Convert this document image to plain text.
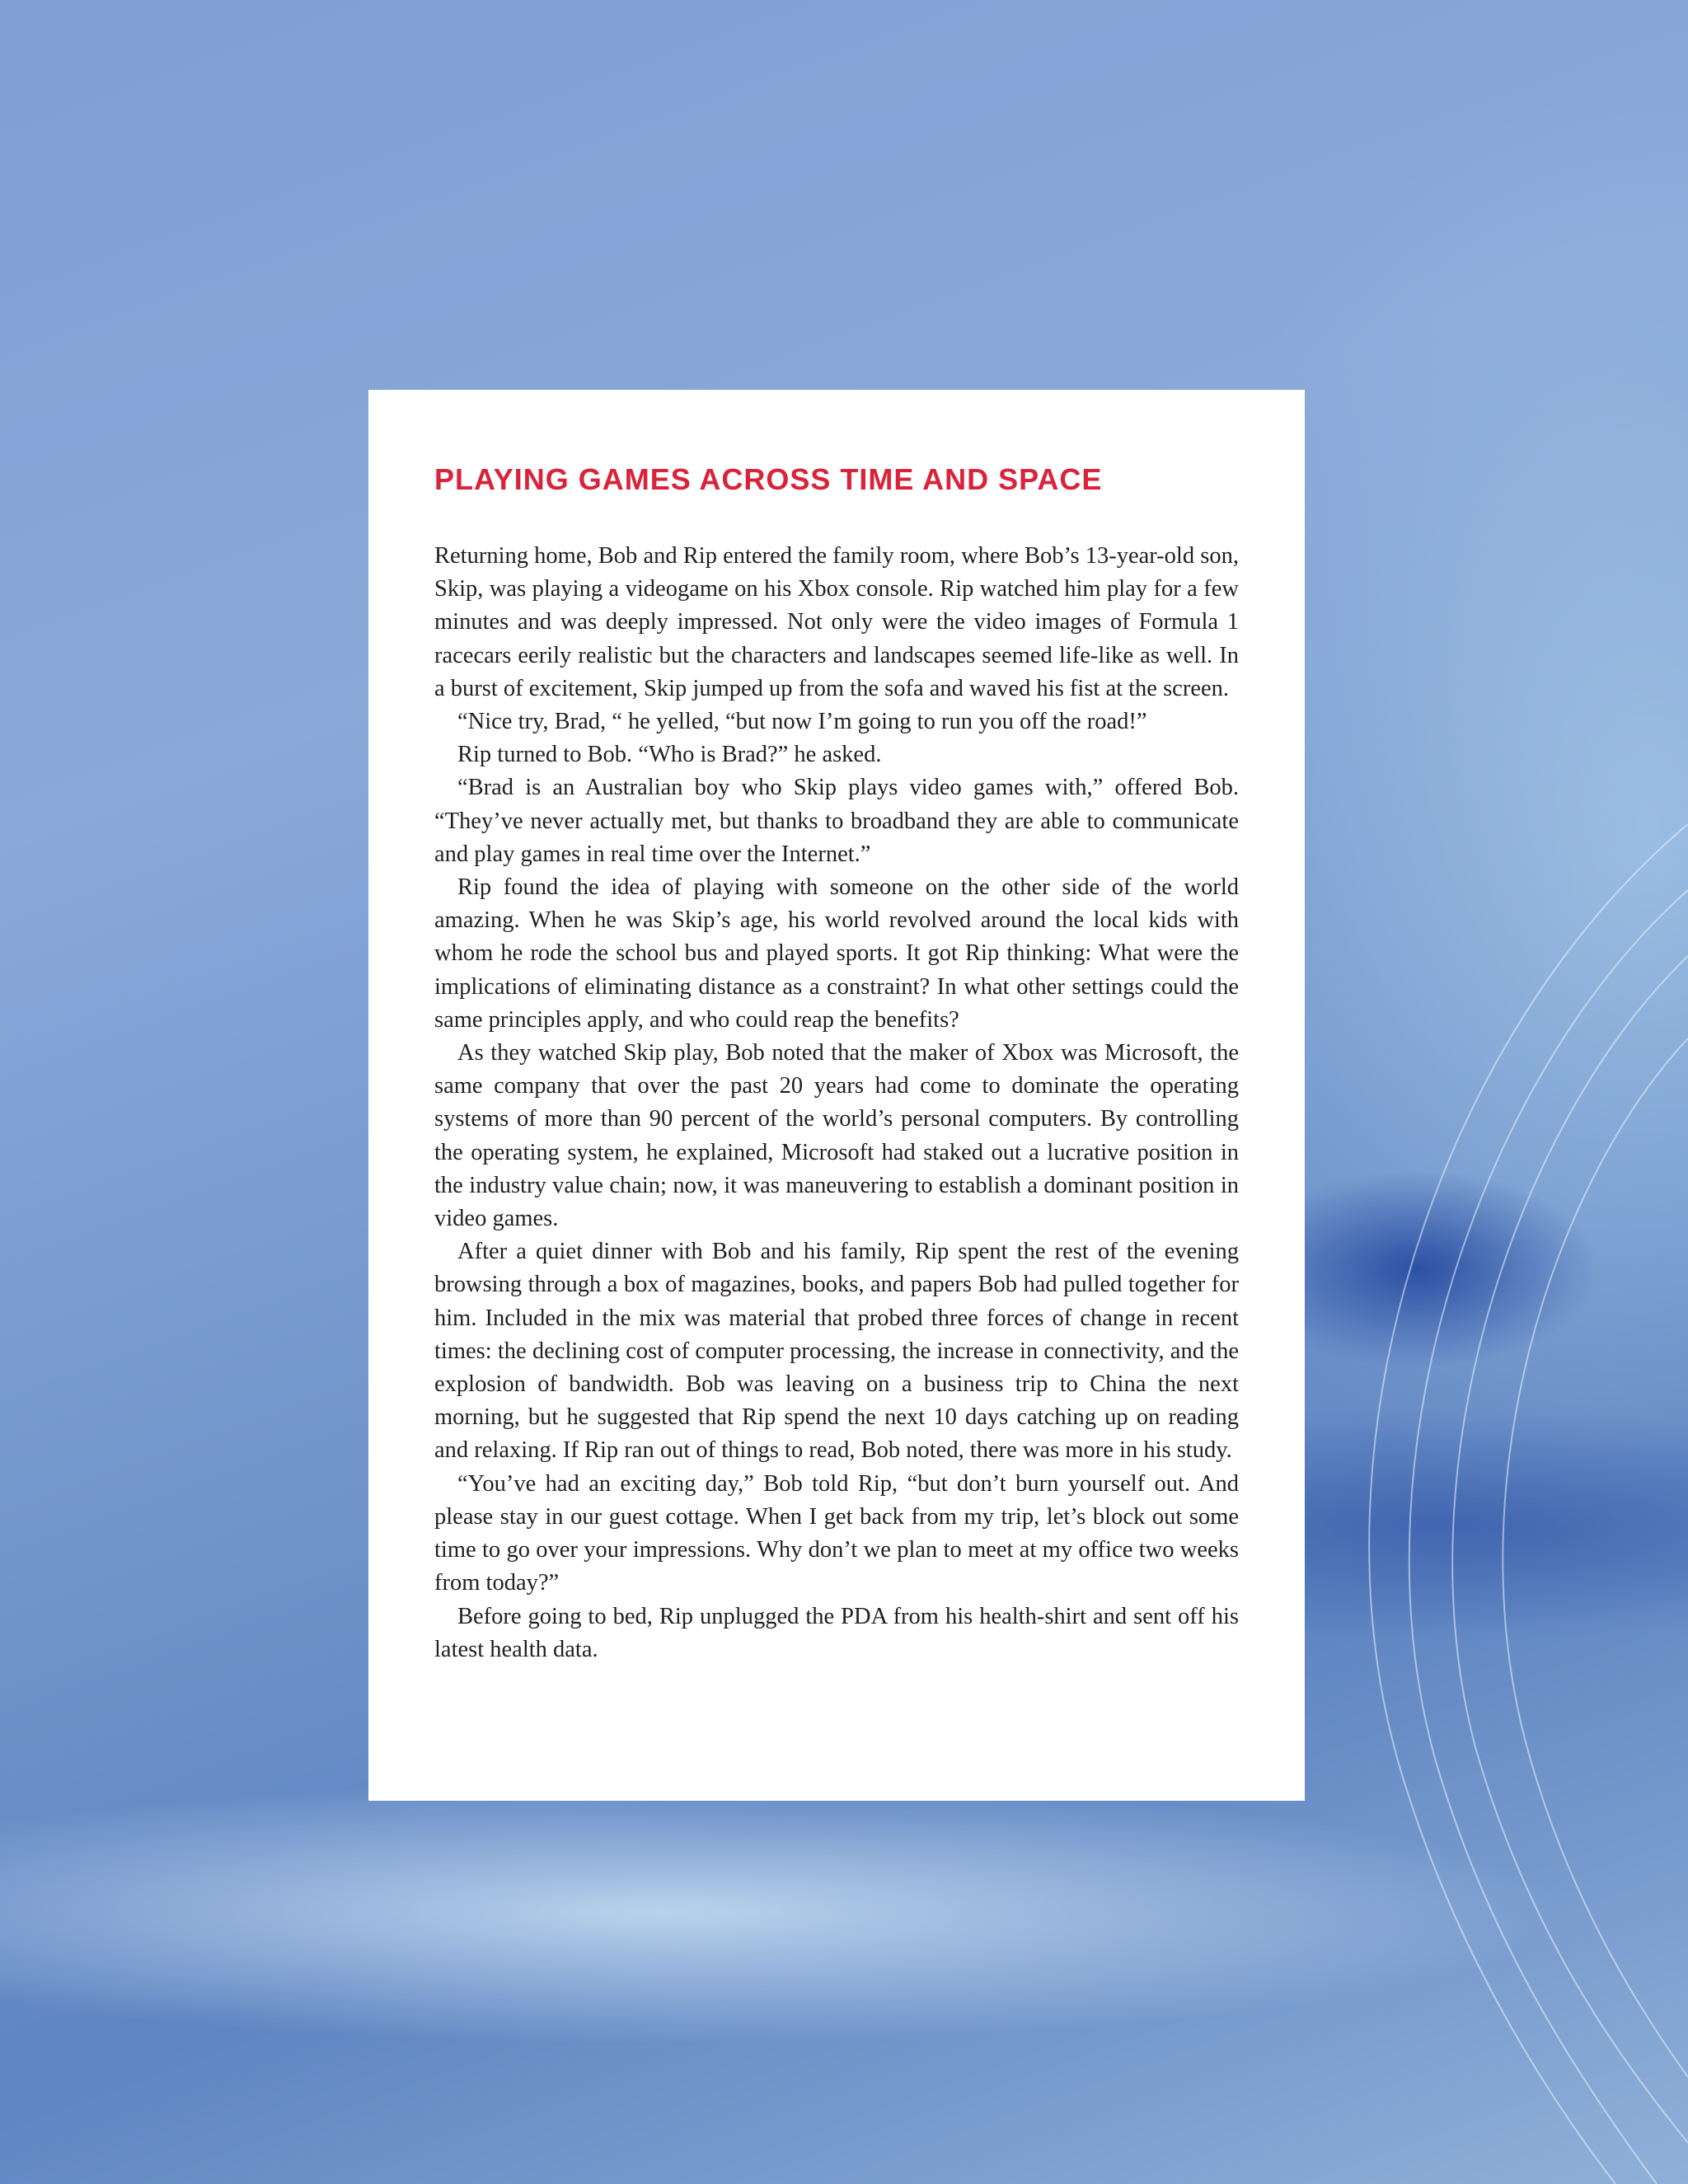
PLAYING GAMES ACROSS TIME AND SPACE

Returning home, Bob and Rip entered the family room, where Bob’s 13-year-old son, Skip, was playing a videogame on his Xbox console. Rip watched him play for a few minutes and was deeply impressed. Not only were the video images of Formula 1 racecars eerily realistic but the characters and landscapes seemed life-like as well. In a burst of excitement, Skip jumped up from the sofa and waved his fist at the screen.

“Nice try, Brad, “ he yelled, “but now I’m going to run you off the road!”

Rip turned to Bob. “Who is Brad?” he asked.

“Brad is an Australian boy who Skip plays video games with,” offered Bob. “They’ve never actually met, but thanks to broadband they are able to communicate and play games in real time over the Internet.”

Rip found the idea of playing with someone on the other side of the world amazing. When he was Skip’s age, his world revolved around the local kids with whom he rode the school bus and played sports. It got Rip thinking: What were the implications of eliminating distance as a constraint? In what other settings could the same principles apply, and who could reap the benefits?

As they watched Skip play, Bob noted that the maker of Xbox was Microsoft, the same company that over the past 20 years had come to dominate the operating systems of more than 90 percent of the world’s personal computers. By controlling the operating system, he explained, Microsoft had staked out a lucrative position in the industry value chain; now, it was maneuvering to establish a dominant position in video games.

After a quiet dinner with Bob and his family, Rip spent the rest of the evening browsing through a box of magazines, books, and papers Bob had pulled together for him. Included in the mix was material that probed three forces of change in recent times: the declining cost of computer processing, the increase in connectivity, and the explosion of bandwidth. Bob was leaving on a business trip to China the next morning, but he suggested that Rip spend the next 10 days catching up on reading and relaxing. If Rip ran out of things to read, Bob noted, there was more in his study.

“You’ve had an exciting day,” Bob told Rip, “but don’t burn yourself out. And please stay in our guest cottage. When I get back from my trip, let’s block out some time to go over your impressions. Why don’t we plan to meet at my office two weeks from today?”

Before going to bed, Rip unplugged the PDA from his health-shirt and sent off his latest health data.
